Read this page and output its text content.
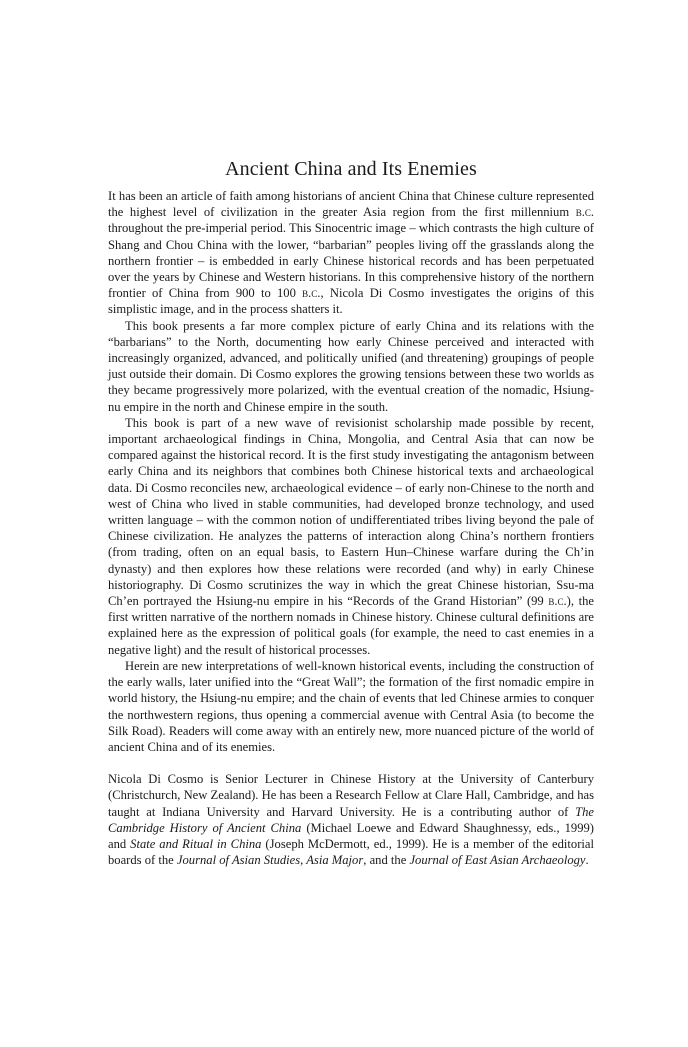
Ancient China and Its Enemies

It has been an article of faith among historians of ancient China that Chinese culture represented the highest level of civilization in the greater Asia region from the first millennium b.c. throughout the pre-imperial period. This Sinocentric image – which contrasts the high culture of Shang and Chou China with the lower, “barbarian” peoples living off the grasslands along the northern frontier – is embedded in early Chinese historical records and has been perpetuated over the years by Chinese and Western historians. In this comprehensive history of the northern frontier of China from 900 to 100 b.c., Nicola Di Cosmo investigates the origins of this simplistic image, and in the process shatters it.

This book presents a far more complex picture of early China and its relations with the “barbarians” to the North, documenting how early Chinese perceived and interacted with increasingly organized, advanced, and politically unified (and threatening) groupings of people just outside their domain. Di Cosmo explores the growing tensions between these two worlds as they became progressively more polarized, with the eventual creation of the nomadic, Hsiung-nu empire in the north and Chinese empire in the south.

This book is part of a new wave of revisionist scholarship made possible by recent, important archaeological findings in China, Mongolia, and Central Asia that can now be compared against the historical record. It is the first study investigating the antagonism between early China and its neighbors that combines both Chinese historical texts and archaeological data. Di Cosmo reconciles new, archaeological evidence – of early non-Chinese to the north and west of China who lived in stable communities, had developed bronze technology, and used written language – with the common notion of undifferentiated tribes living beyond the pale of Chinese civilization. He analyzes the patterns of interaction along China’s northern frontiers (from trading, often on an equal basis, to Eastern Hun–Chinese warfare during the Ch’in dynasty) and then explores how these relations were recorded (and why) in early Chinese historiography. Di Cosmo scrutinizes the way in which the great Chinese historian, Ssu-ma Ch’en portrayed the Hsiung-nu empire in his “Records of the Grand Historian” (99 b.c.), the first written narrative of the northern nomads in Chinese history. Chinese cultural definitions are explained here as the expression of political goals (for example, the need to cast enemies in a negative light) and the result of historical processes.

Herein are new interpretations of well-known historical events, including the construction of the early walls, later unified into the “Great Wall”; the formation of the first nomadic empire in world history, the Hsiung-nu empire; and the chain of events that led Chinese armies to conquer the northwestern regions, thus opening a commercial avenue with Central Asia (to become the Silk Road). Readers will come away with an entirely new, more nuanced picture of the world of ancient China and of its enemies.

Nicola Di Cosmo is Senior Lecturer in Chinese History at the University of Canterbury (Christchurch, New Zealand). He has been a Research Fellow at Clare Hall, Cambridge, and has taught at Indiana University and Harvard University. He is a contributing author of The Cambridge History of Ancient China (Michael Loewe and Edward Shaughnessy, eds., 1999) and State and Ritual in China (Joseph McDermott, ed., 1999). He is a member of the editorial boards of the Journal of Asian Studies, Asia Major, and the Journal of East Asian Archaeology.
